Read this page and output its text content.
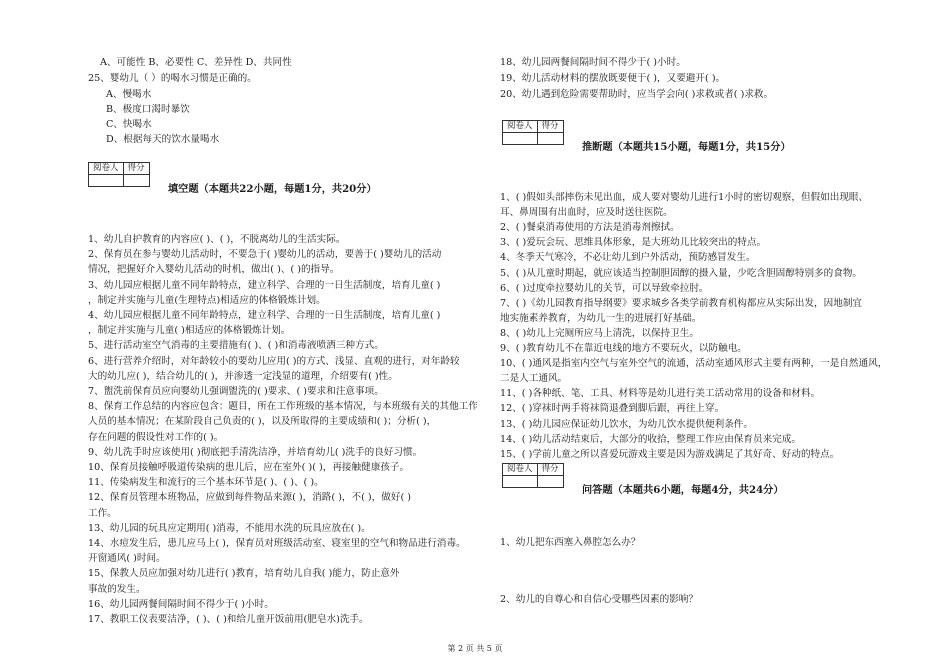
A、可能性 B、必要性 C、差异性 D、共同性
25、婴幼儿（ ）的喝水习惯是正确的。
A、慢喝水
B、极度口渴时暴饮
C、快喝水
D、根据每天的饮水量喝水
阅卷人	得分

填空题（本题共22小题，每题1分，共20分）
1、幼儿自护教育的内容应( )、( )，不脱离幼儿的生活实际。
2、保育员在参与婴幼儿活动时，不要急于( )婴幼儿的活动，要善于( )婴幼儿的活动
情况，把握好介入婴幼儿活动的时机，做出( )、( )的指导。
3、幼儿园应根据儿童不同年龄特点，建立科学、合理的一日生活制度，培育儿童( )
，制定并实施与儿童(生理特点)相适应的体格锻炼计划。
4、幼儿园应根据儿童不同年龄特点，建立科学、合理的一日生活制度，培育儿童( )
，制定并实施与儿童( )相适应的体格锻炼计划。
5、进行活动室空气消毒的主要措施有( )、( )和消毒液喷洒三种方式。
6、进行营养介绍时，对年龄较小的要幼儿应用( )的方式、浅显、直观的进行，对年龄较
大的幼儿应( )，结合幼儿的( )，并渗透一定浅显的道理，介绍要有( )性。
7、盥洗前保育员应向婴幼儿强调盥洗的( )要求、( )要求和注意事项。
8、保育工作总结的内容应包含：题目，所在工作班级的基本情况，与本班级有关的其他工作
人员的基本情况；在某阶段自己负责的( )，以及所取得的主要成绩和( )；分析( )，
存在问题的假设性对工作的( )。
9、幼儿洗手时应该使用( )彻底把手清洗洁净，并培育幼儿( )洗手的良好习惯。
10、保育员接触呼吸道传染病的患儿后，应在室外( )( )，再接触健康孩子。
11、传染病发生和流行的三个基本环节是( )、( )、( )。
12、保育员管理本班物品，应做到每件物品来源( )，消路( )，不( )，做好( )
工作。
13、幼儿园的玩具应定期用( )消毒，不能用水洗的玩具应放在( )。
14、水痘发生后，患儿应马上( )，保育员对班级活动室、寝室里的空气和物品进行消毒。
开窗通风( )时间。
15、保教人员应加强对幼儿进行( )教育，培育幼儿自我( )能力，防止意外
事故的发生。
16、幼儿园两餐间隔时间不得少于( )小时。
17、教职工仪表要洁净，( )、( )和给儿童开饭前用(肥皂水)洗手。
18、幼儿园两餐间隔时间不得少于( )小时。
19、幼儿活动材料的摆放既要便于( )，又要避开( )。
20、幼儿遇到危险需要帮助时，应当学会向( )求救或者( )求救。
阅卷人	得分

推断题（本题共15小题，每题1分，共15分）
1、( )假如头部摔伤未见出血，成人要对婴幼儿进行1小时的密切观察，但假如出现眼、
耳、鼻周围有出血时，应及时送往医院。
2、( )餐桌消毒使用的方法是消毒剂擦拭。
3、( )爱玩会玩、思维具体形象，是大班幼儿比较突出的特点。
4、冬季天气寒冷，不必让幼儿到户外活动，预防感冒发生。
5、( )从儿童时期起，就应该适当控制胆固醇的摄入量，少吃含胆固醇特别多的食物。
6、( )过度牵拉婴幼儿的关节，可以导致牵拉肘。
7、( )《幼儿园教育指导纲要》要求城乡各类学前教育机构都应从实际出发，因地制宜
地实施素养教育，为幼儿一生的进展打好基础。
8、( )幼儿上完厕所应马上清洗，以保持卫生。
9、( )教育幼儿不在靠近电线的地方不要玩火，以防触电。
10、( )通风是指室内空气与室外空气的流通，活动室通风形式主要有两种，一是自然通风，
二是人工通风。
11、( )各种纸、笔、工具、材料等是幼儿进行美工活动常用的设备和材料。
12、( )穿袜时两手将袜筒退叠到脚后跟，再往上穿。
13、( )幼儿园应保证幼儿饮水，为幼儿饮水提供便利条件。
14、( )幼儿活动结束后，大部分的收拾，整理工作应由保育员来完成。
15、( )学前儿童之所以喜爱玩游戏主要是因为游戏满足了其好奇、好动的特点。
阅卷人	得分

问答题（本题共6小题，每题4分，共24分）
1、幼儿把东西塞入鼻腔怎么办？
2、幼儿的自尊心和自信心受哪些因素的影响？
第 2 页 共 5 页
